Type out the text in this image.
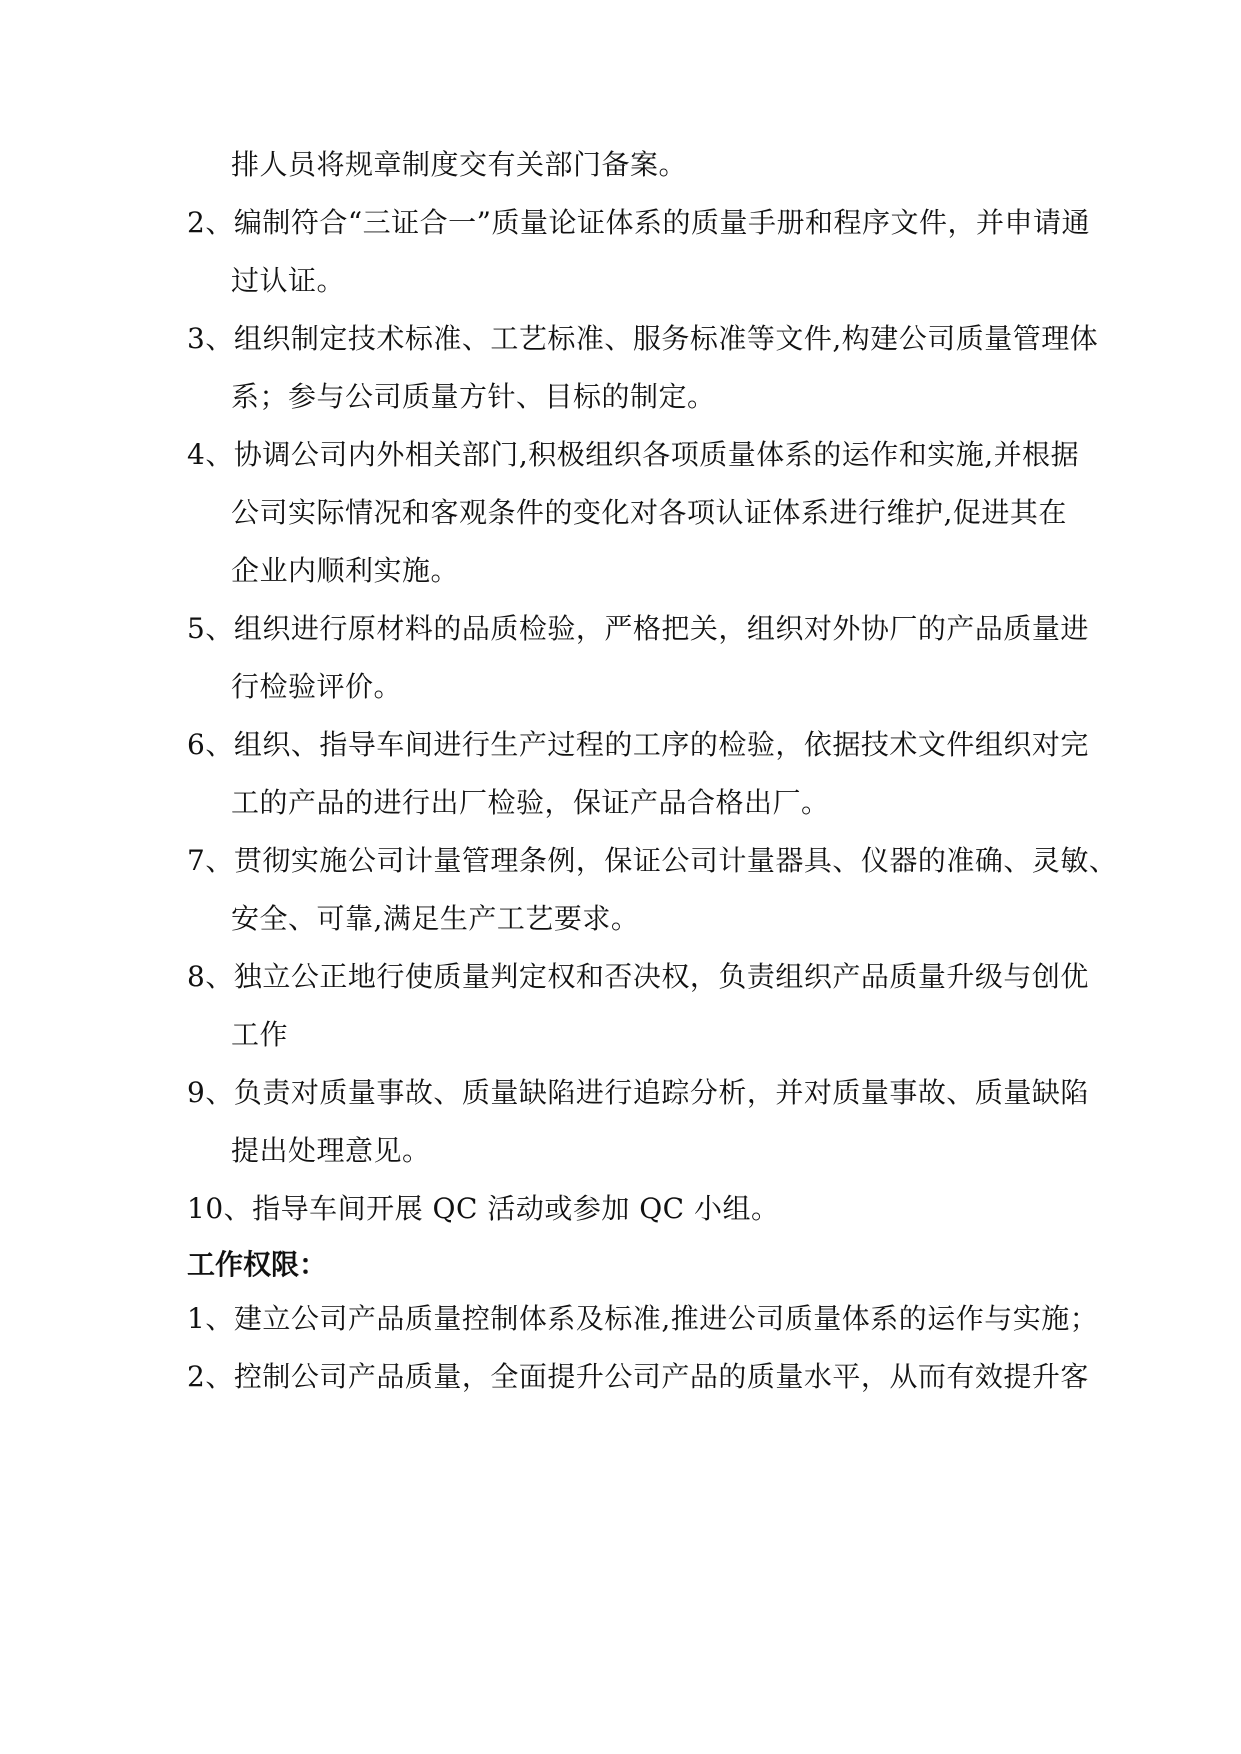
排人员将规章制度交有关部门备案。
2、编制符合“三证合一”质量论证体系的质量手册和程序文件，并申请通
过认证。
3、组织制定技术标准、工艺标准、服务标准等文件,构建公司质量管理体
系；参与公司质量方针、目标的制定。
4、协调公司内外相关部门,积极组织各项质量体系的运作和实施,并根据
公司实际情况和客观条件的变化对各项认证体系进行维护,促进其在
企业内顺利实施。
5、组织进行原材料的品质检验，严格把关，组织对外协厂的产品质量进
行检验评价。
6、组织、指导车间进行生产过程的工序的检验，依据技术文件组织对完
工的产品的进行出厂检验，保证产品合格出厂。
7、贯彻实施公司计量管理条例，保证公司计量器具、仪器的准确、灵敏、
安全、可靠,满足生产工艺要求。
8、独立公正地行使质量判定权和否决权，负责组织产品质量升级与创优
工作
9、负责对质量事故、质量缺陷进行追踪分析，并对质量事故、质量缺陷
提出处理意见。
10、指导车间开展 QC 活动或参加 QC 小组。
工作权限：
1、建立公司产品质量控制体系及标准,推进公司质量体系的运作与实施；
2、控制公司产品质量，全面提升公司产品的质量水平，从而有效提升客
